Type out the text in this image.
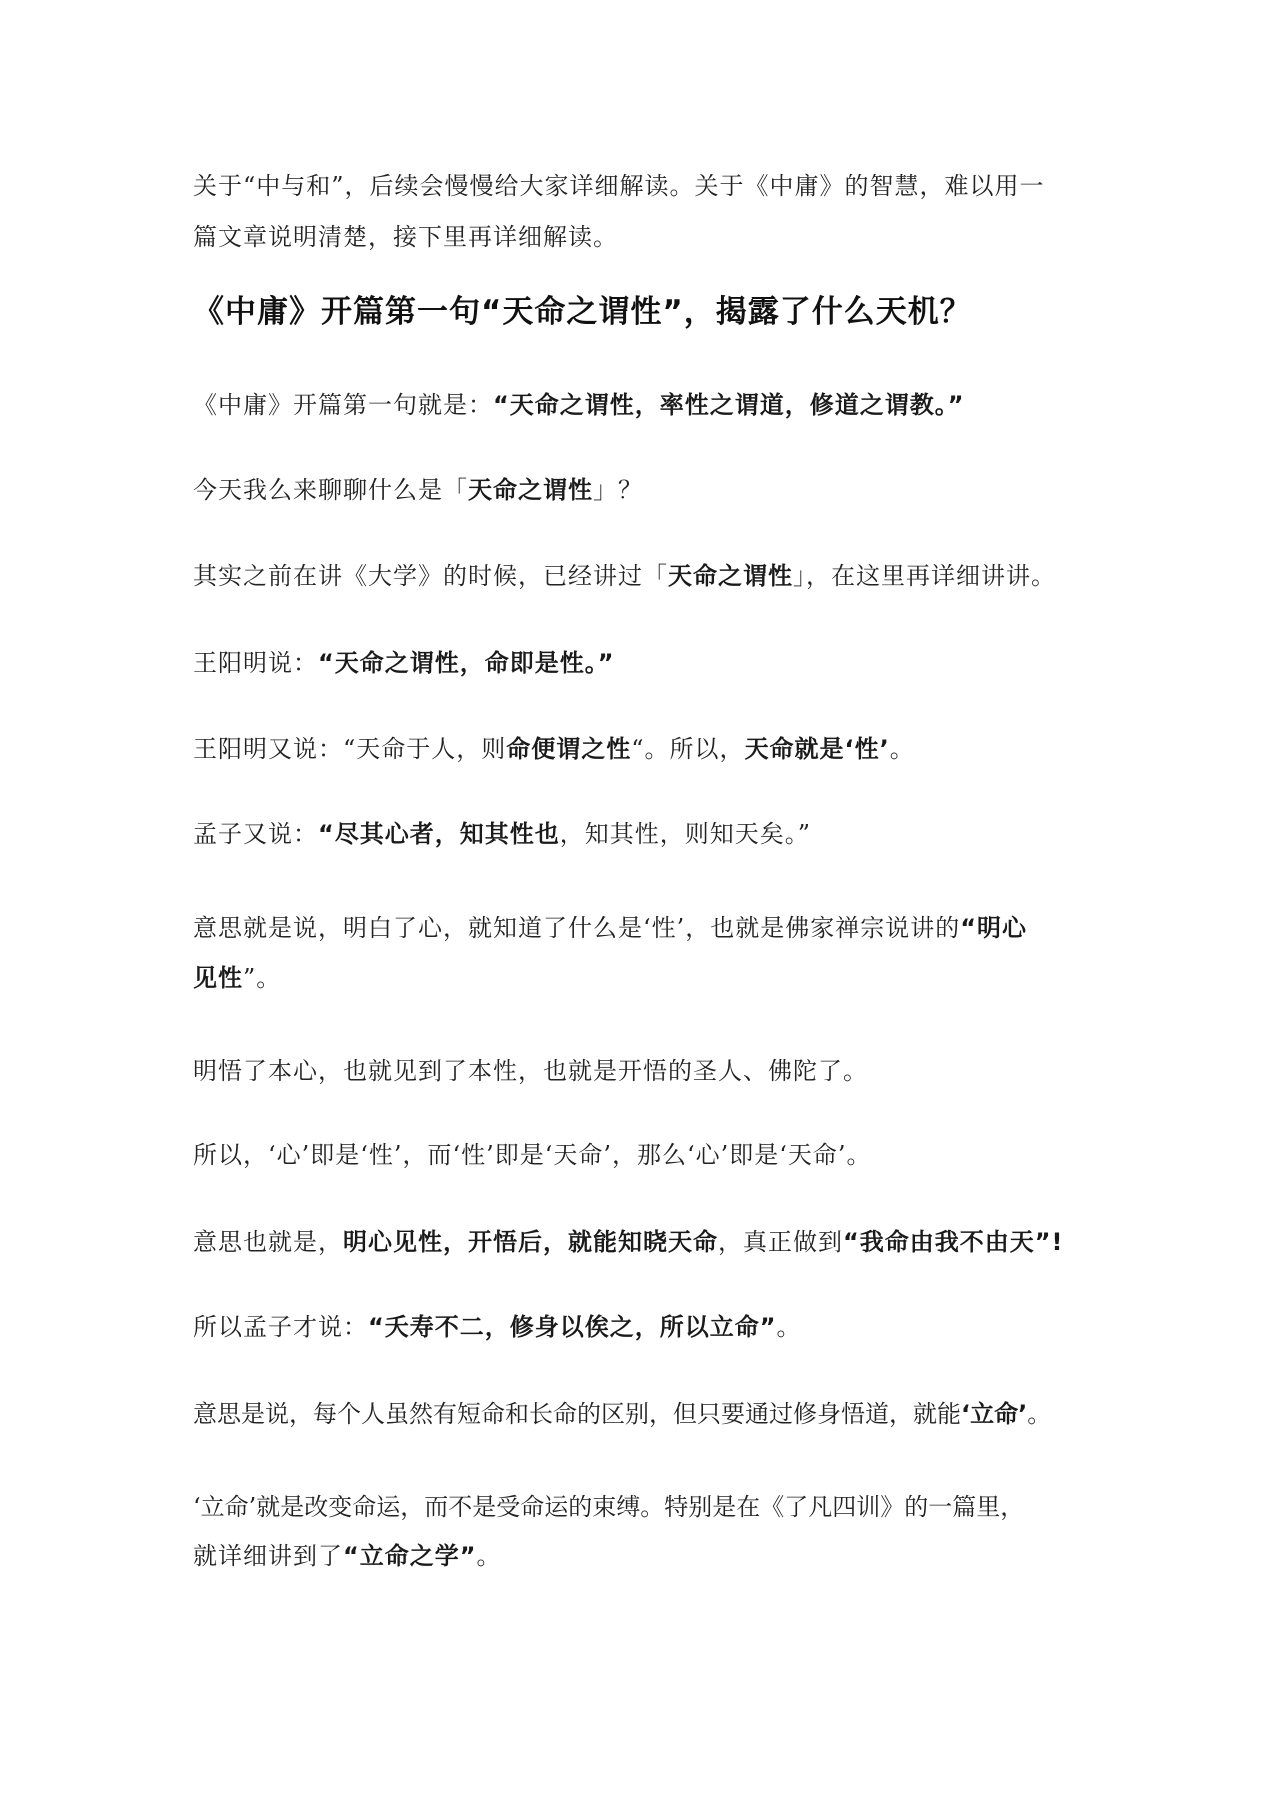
关于“中与和”，后续会慢慢给大家详细解读。关于《中庸》的智慧，难以用一
篇文章说明清楚，接下里再详细解读。
《中庸》开篇第一句“天命之谓性”，揭露了什么天机？
《中庸》开篇第一句就是：“天命之谓性，率性之谓道，修道之谓教。”
今天我么来聊聊什么是「天命之谓性」？
其实之前在讲《大学》的时候，已经讲过「天命之谓性」，在这里再详细讲讲。
王阳明说：“天命之谓性，命即是性。”
王阳明又说：“天命于人，则命便谓之性“。所以，天命就是‘性’。
孟子又说：“尽其心者，知其性也，知其性，则知天矣。”
意思就是说，明白了心，就知道了什么是‘性’，也就是佛家禅宗说讲的“明心
见性”。
明悟了本心，也就见到了本性，也就是开悟的圣人、佛陀了。
所以，‘心’即是‘性’，而‘性’即是‘天命’，那么‘心’即是‘天命’。
意思也就是，明心见性，开悟后，就能知晓天命，真正做到“我命由我不由天”!
所以孟子才说：“夭寿不二，修身以俟之，所以立命”。
意思是说，每个人虽然有短命和长命的区别，但只要通过修身悟道，就能‘立命’。
‘立命’就是改变命运，而不是受命运的束缚。特别是在《了凡四训》的一篇里，
就详细讲到了“立命之学”。
